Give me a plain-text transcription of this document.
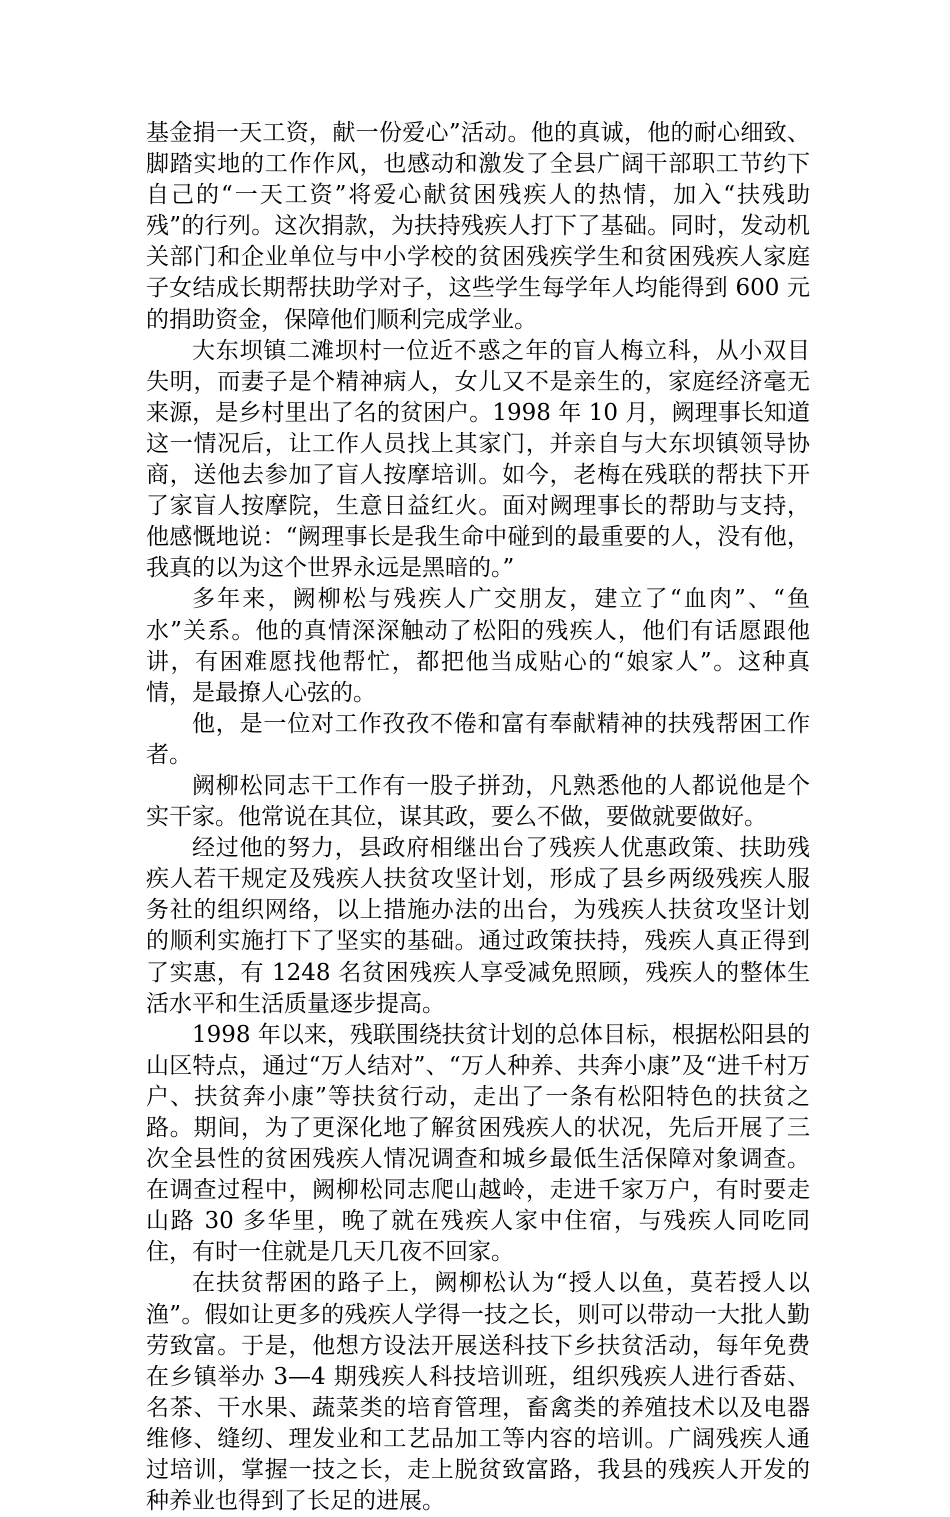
基金捐一天工资，献一份爱心”活动。他的真诚，他的耐心细致、脚踏实地的工作作风，也感动和激发了全县广阔干部职工节约下自己的“一天工资”将爱心献贫困残疾人的热情，加入“扶残助残”的行列。这次捐款，为扶持残疾人打下了基础。同时，发动机关部门和企业单位与中小学校的贫困残疾学生和贫困残疾人家庭子女结成长期帮扶助学对子，这些学生每学年人均能得到 600 元的捐助资金，保障他们顺利完成学业。

大东坝镇二滩坝村一位近不惑之年的盲人梅立科，从小双目失明，而妻子是个精神病人，女儿又不是亲生的，家庭经济毫无来源，是乡村里出了名的贫困户。1998 年 10 月，阙理事长知道这一情况后，让工作人员找上其家门，并亲自与大东坝镇领导协商，送他去参加了盲人按摩培训。如今，老梅在残联的帮扶下开了家盲人按摩院，生意日益红火。面对阙理事长的帮助与支持，他感慨地说：“阙理事长是我生命中碰到的最重要的人，没有他，我真的以为这个世界永远是黑暗的。”

多年来，阙柳松与残疾人广交朋友，建立了“血肉”、“鱼水”关系。他的真情深深触动了松阳的残疾人，他们有话愿跟他讲，有困难愿找他帮忙，都把他当成贴心的“娘家人”。这种真情，是最撩人心弦的。

他，是一位对工作孜孜不倦和富有奉献精神的扶残帮困工作者。

阙柳松同志干工作有一股子拼劲，凡熟悉他的人都说他是个实干家。他常说在其位，谋其政，要么不做，要做就要做好。

经过他的努力，县政府相继出台了残疾人优惠政策、扶助残疾人若干规定及残疾人扶贫攻坚计划，形成了县乡两级残疾人服务社的组织网络，以上措施办法的出台，为残疾人扶贫攻坚计划的顺利实施打下了坚实的基础。通过政策扶持，残疾人真正得到了实惠，有 1248 名贫困残疾人享受减免照顾，残疾人的整体生活水平和生活质量逐步提高。

1998 年以来，残联围绕扶贫计划的总体目标，根据松阳县的山区特点，通过“万人结对”、“万人种养、共奔小康”及“进千村万户、扶贫奔小康”等扶贫行动，走出了一条有松阳特色的扶贫之路。期间，为了更深化地了解贫困残疾人的状况，先后开展了三次全县性的贫困残疾人情况调查和城乡最低生活保障对象调查。在调查过程中，阙柳松同志爬山越岭，走进千家万户，有时要走山路 30 多华里，晚了就在残疾人家中住宿，与残疾人同吃同住，有时一住就是几天几夜不回家。

在扶贫帮困的路子上，阙柳松认为“授人以鱼，莫若授人以渔”。假如让更多的残疾人学得一技之长，则可以带动一大批人勤劳致富。于是，他想方设法开展送科技下乡扶贫活动，每年免费在乡镇举办 3—4 期残疾人科技培训班，组织残疾人进行香菇、名茶、干水果、蔬菜类的培育管理，畜禽类的养殖技术以及电器维修、缝纫、理发业和工艺品加工等内容的培训。广阔残疾人通过培训，掌握一技之长，走上脱贫致富路，我县的残疾人开发的种养业也得到了长足的进展。
